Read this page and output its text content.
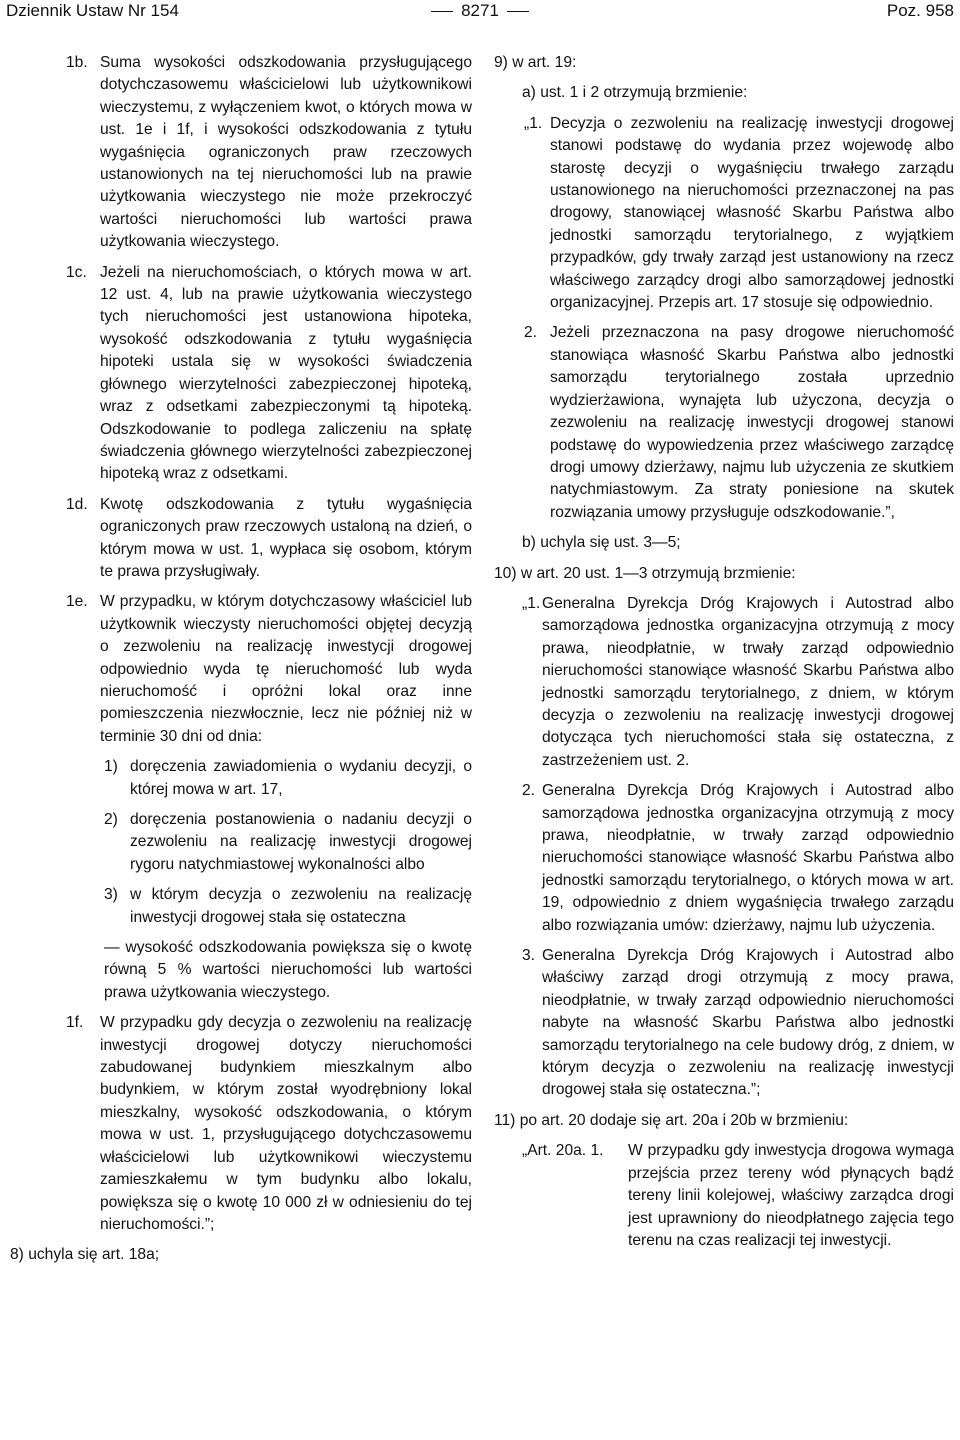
Dziennik Ustaw Nr 154	8271	Poz. 958
1b. Suma wysokości odszkodowania przysługującego dotychczasowemu właścicielowi lub użytkownikowi wieczystemu, z wyłączeniem kwot, o których mowa w ust. 1e i 1f, i wysokości odszkodowania z tytułu wygaśnięcia ograniczonych praw rzeczowych ustanowionych na tej nieruchomości lub na prawie użytkowania wieczystego nie może przekroczyć wartości nieruchomości lub wartości prawa użytkowania wieczystego.
1c. Jeżeli na nieruchomościach, o których mowa w art. 12 ust. 4, lub na prawie użytkowania wieczystego tych nieruchomości jest ustanowiona hipoteka, wysokość odszkodowania z tytułu wygaśnięcia hipoteki ustala się w wysokości świadczenia głównego wierzytelności zabezpieczonej hipoteką, wraz z odsetkami zabezpieczonymi tą hipoteką. Odszkodowanie to podlega zaliczeniu na spłatę świadczenia głównego wierzytelności zabezpieczonej hipoteką wraz z odsetkami.
1d. Kwotę odszkodowania z tytułu wygaśnięcia ograniczonych praw rzeczowych ustaloną na dzień, o którym mowa w ust. 1, wypłaca się osobom, którym te prawa przysługiwały.
1e. W przypadku, w którym dotychczasowy właściciel lub użytkownik wieczysty nieruchomości objętej decyzją o zezwoleniu na realizację inwestycji drogowej odpowiednio wyda tę nieruchomość lub wyda nieruchomość i opróżni lokal oraz inne pomieszczenia niezwłocznie, lecz nie później niż w terminie 30 dni od dnia:
1) doręczenia zawiadomienia o wydaniu decyzji, o której mowa w art. 17,
2) doręczenia postanowienia o nadaniu decyzji o zezwoleniu na realizację inwestycji drogowej rygoru natychmiastowej wykonalności albo
3) w którym decyzja o zezwoleniu na realizację inwestycji drogowej stała się ostateczna
— wysokość odszkodowania powiększa się o kwotę równą 5 % wartości nieruchomości lub wartości prawa użytkowania wieczystego.
1f. W przypadku gdy decyzja o zezwoleniu na realizację inwestycji drogowej dotyczy nieruchomości zabudowanej budynkiem mieszkalnym albo budynkiem, w którym został wyodrębniony lokal mieszkalny, wysokość odszkodowania, o którym mowa w ust. 1, przysługującego dotychczasowemu właścicielowi lub użytkownikowi wieczystemu zamieszkałemu w tym budynku albo lokalu, powiększa się o kwotę 10 000 zł w odniesieniu do tej nieruchomości.”;
8) uchyla się art. 18a;
9) w art. 19:
a) ust. 1 i 2 otrzymują brzmienie:
„1. Decyzja o zezwoleniu na realizację inwestycji drogowej stanowi podstawę do wydania przez wojewodę albo starostę decyzji o wygaśnięciu trwałego zarządu ustanowionego na nieruchomości przeznaczonej na pas drogowy, stanowiącej własność Skarbu Państwa albo jednostki samorządu terytorialnego, z wyjątkiem przypadków, gdy trwały zarząd jest ustanowiony na rzecz właściwego zarządcy drogi albo samorządowej jednostki organizacyjnej. Przepis art. 17 stosuje się odpowiednio.
2. Jeżeli przeznaczona na pasy drogowe nieruchomość stanowiąca własność Skarbu Państwa albo jednostki samorządu terytorialnego została uprzednio wydzierżawiona, wynajęta lub użyczona, decyzja o zezwoleniu na realizację inwestycji drogowej stanowi podstawę do wypowiedzenia przez właściwego zarządcę drogi umowy dzierżawy, najmu lub użyczenia ze skutkiem natychmiastowym. Za straty poniesione na skutek rozwiązania umowy przysługuje odszkodowanie.”,
b) uchyla się ust. 3—5;
10) w art. 20 ust. 1—3 otrzymują brzmienie:
„1. Generalna Dyrekcja Dróg Krajowych i Autostrad albo samorządowa jednostka organizacyjna otrzymują z mocy prawa, nieodpłatnie, w trwały zarząd odpowiednio nieruchomości stanowiące własność Skarbu Państwa albo jednostki samorządu terytorialnego, z dniem, w którym decyzja o zezwoleniu na realizację inwestycji drogowej dotycząca tych nieruchomości stała się ostateczna, z zastrzeżeniem ust. 2.
2. Generalna Dyrekcja Dróg Krajowych i Autostrad albo samorządowa jednostka organizacyjna otrzymują z mocy prawa, nieodpłatnie, w trwały zarząd odpowiednio nieruchomości stanowiące własność Skarbu Państwa albo jednostki samorządu terytorialnego, o których mowa w art. 19, odpowiednio z dniem wygaśnięcia trwałego zarządu albo rozwiązania umów: dzierżawy, najmu lub użyczenia.
3. Generalna Dyrekcja Dróg Krajowych i Autostrad albo właściwy zarząd drogi otrzymują z mocy prawa, nieodpłatnie, w trwały zarząd odpowiednio nieruchomości nabyte na własność Skarbu Państwa albo jednostki samorządu terytorialnego na cele budowy dróg, z dniem, w którym decyzja o zezwoleniu na realizację inwestycji drogowej stała się ostateczna.”;
11) po art. 20 dodaje się art. 20a i 20b w brzmieniu:
„Art. 20a. 1. W przypadku gdy inwestycja drogowa wymaga przejścia przez tereny wód płynących bądź tereny linii kolejowej, właściwy zarządca drogi jest uprawniony do nieodpłatnego zajęcia tego terenu na czas realizacji tej inwestycji.
